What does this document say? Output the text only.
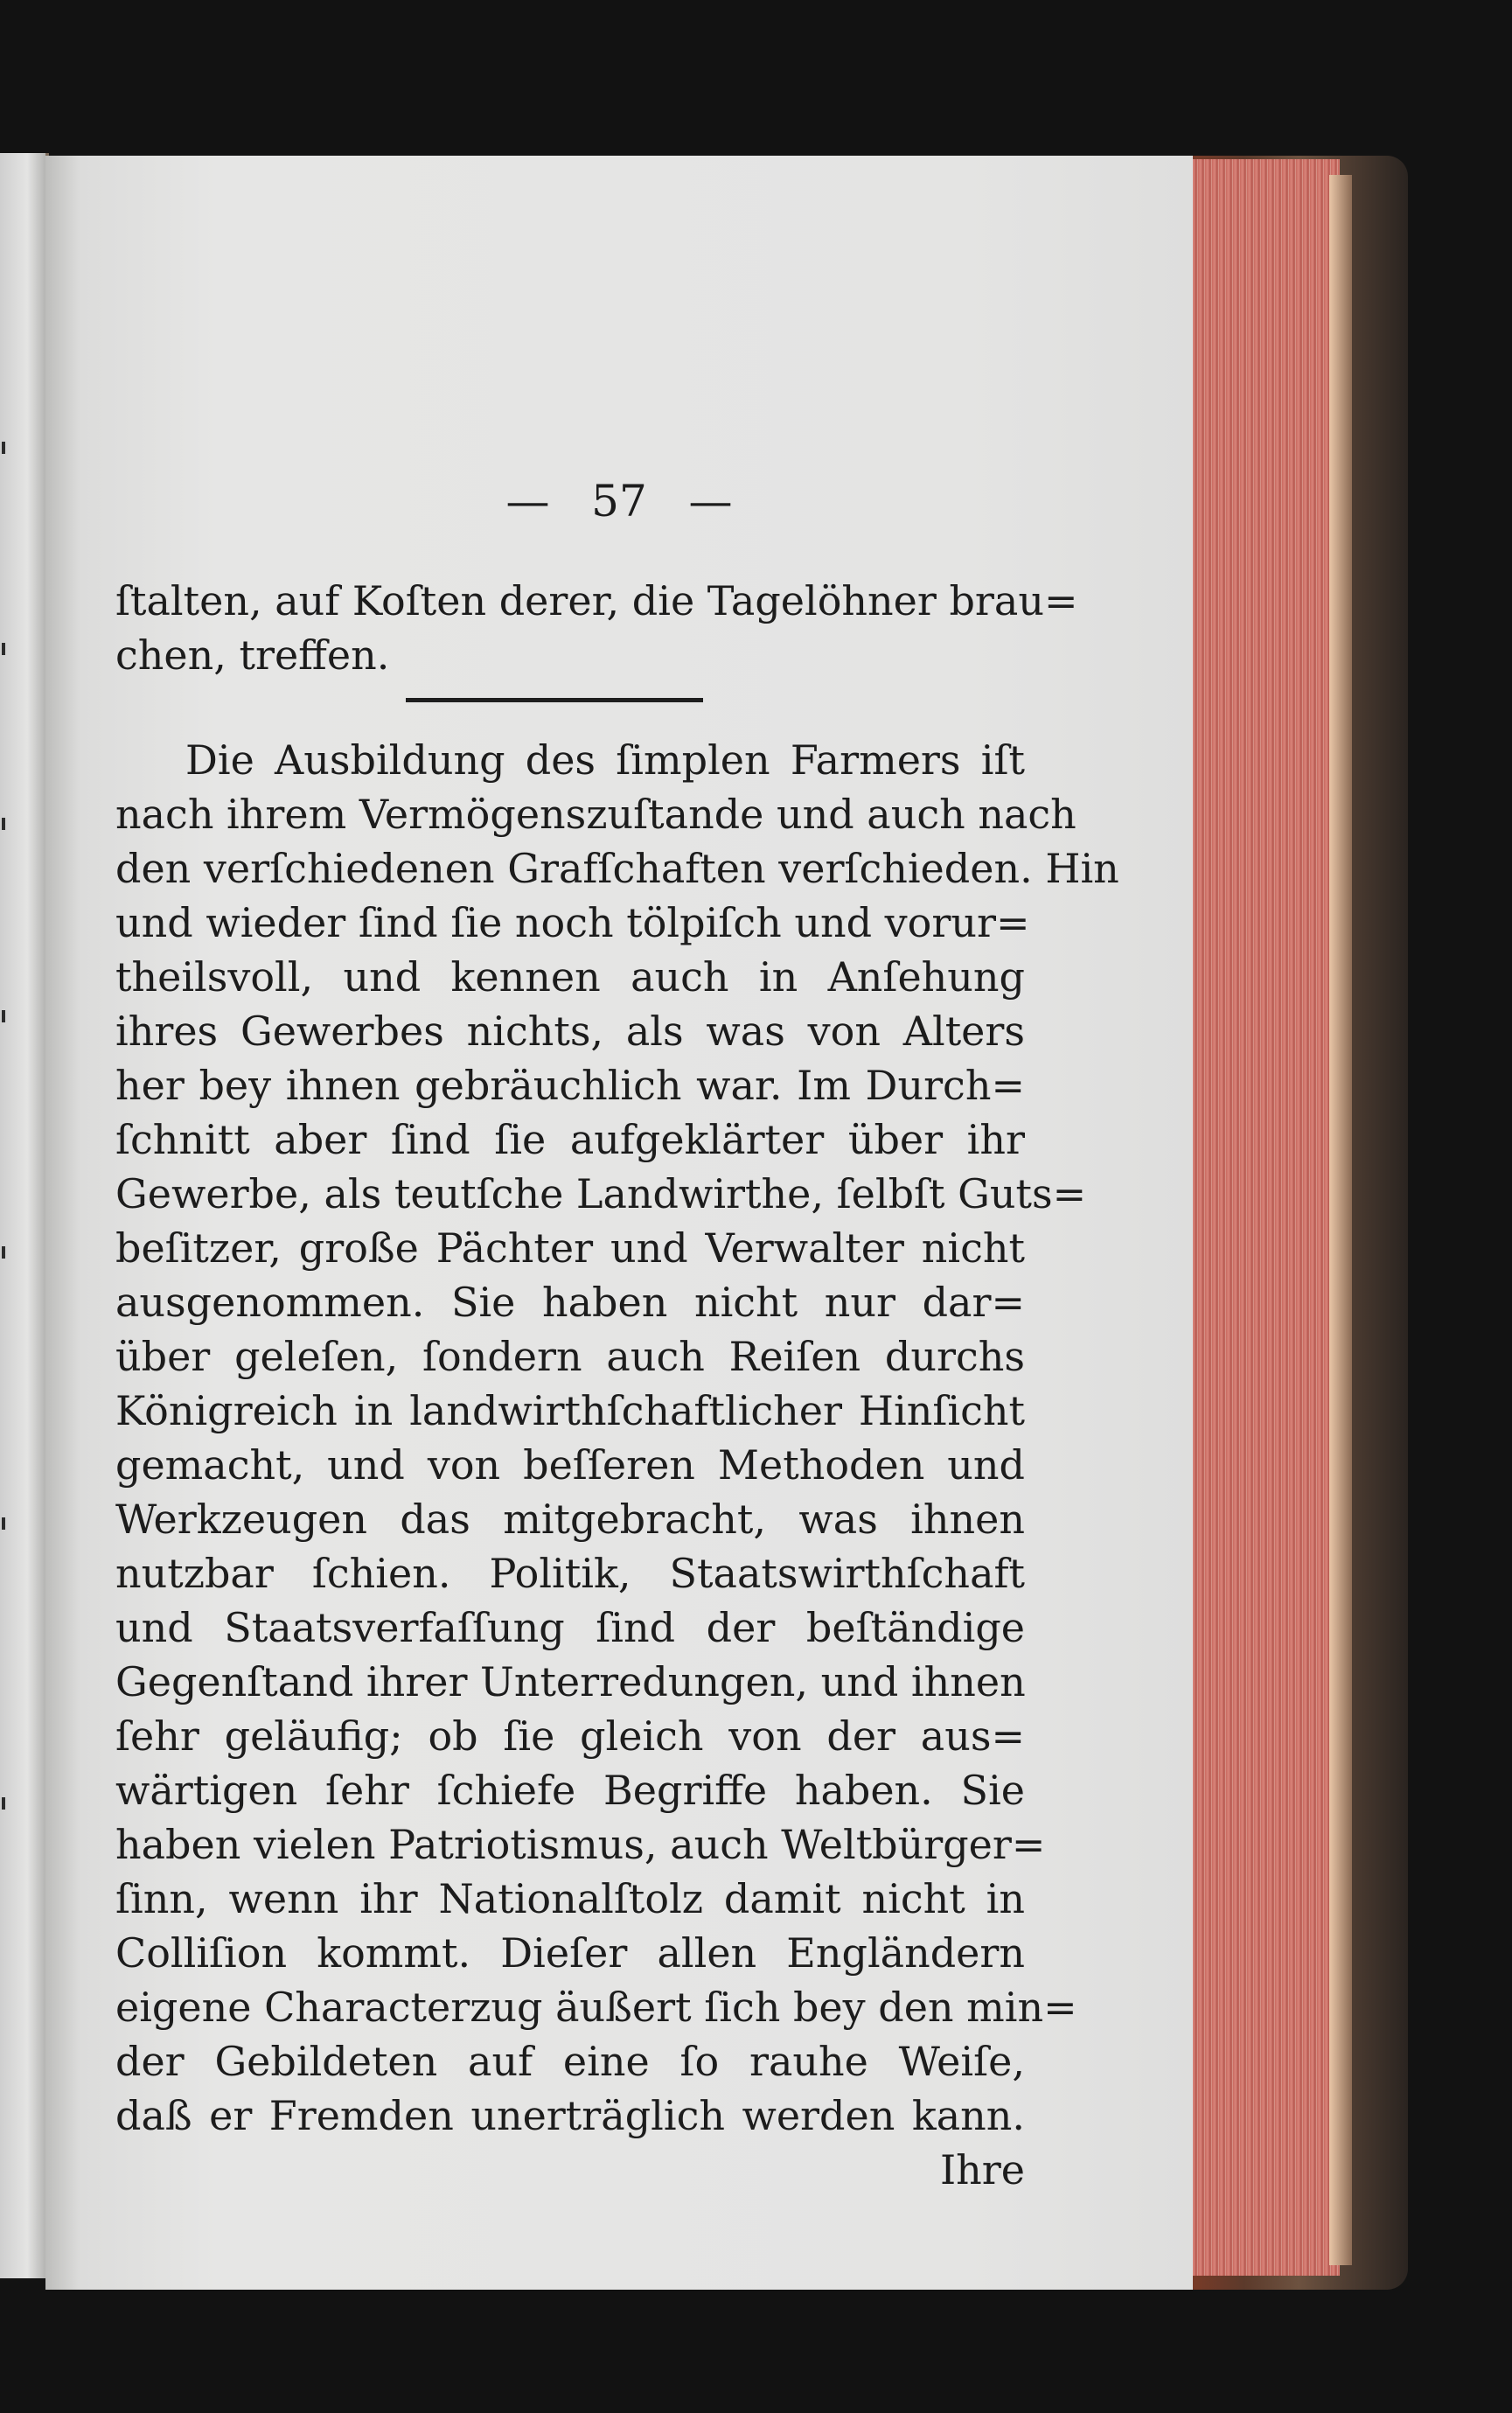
—   57   —
ſtalten, auf Koſten derer, die Tagelöhner brau=
chen, treffen.
Die Ausbildung des ſimplen Farmers iſt
nach ihrem Vermögenszuſtande und auch nach
den verſchiedenen Grafſchaften verſchieden. Hin
und wieder ſind ſie noch tölpiſch und vorur=
theilsvoll, und kennen auch in Anſehung
ihres Gewerbes nichts, als was von Alters
her bey ihnen gebräuchlich war. Im Durch=
ſchnitt aber ſind ſie aufgeklärter über ihr
Gewerbe, als teutſche Landwirthe, ſelbſt Guts=
beſitzer, große Pächter und Verwalter nicht
ausgenommen. Sie haben nicht nur dar=
über geleſen, ſondern auch Reiſen durchs
Königreich in landwirthſchaftlicher Hinſicht
gemacht, und von beſſeren Methoden und
Werkzeugen das mitgebracht, was ihnen
nutzbar ſchien. Politik, Staatswirthſchaft
und Staatsverfaſſung ſind der beſtändige
Gegenſtand ihrer Unterredungen, und ihnen
ſehr geläufig; ob ſie gleich von der aus=
wärtigen ſehr ſchiefe Begriffe haben. Sie
haben vielen Patriotismus, auch Weltbürger=
ſinn, wenn ihr Nationalſtolz damit nicht in
Colliſion kommt. Dieſer allen Engländern
eigene Characterzug äußert ſich bey den min=
der Gebildeten auf eine ſo rauhe Weiſe,
daß er Fremden unerträglich werden kann.
Ihre
